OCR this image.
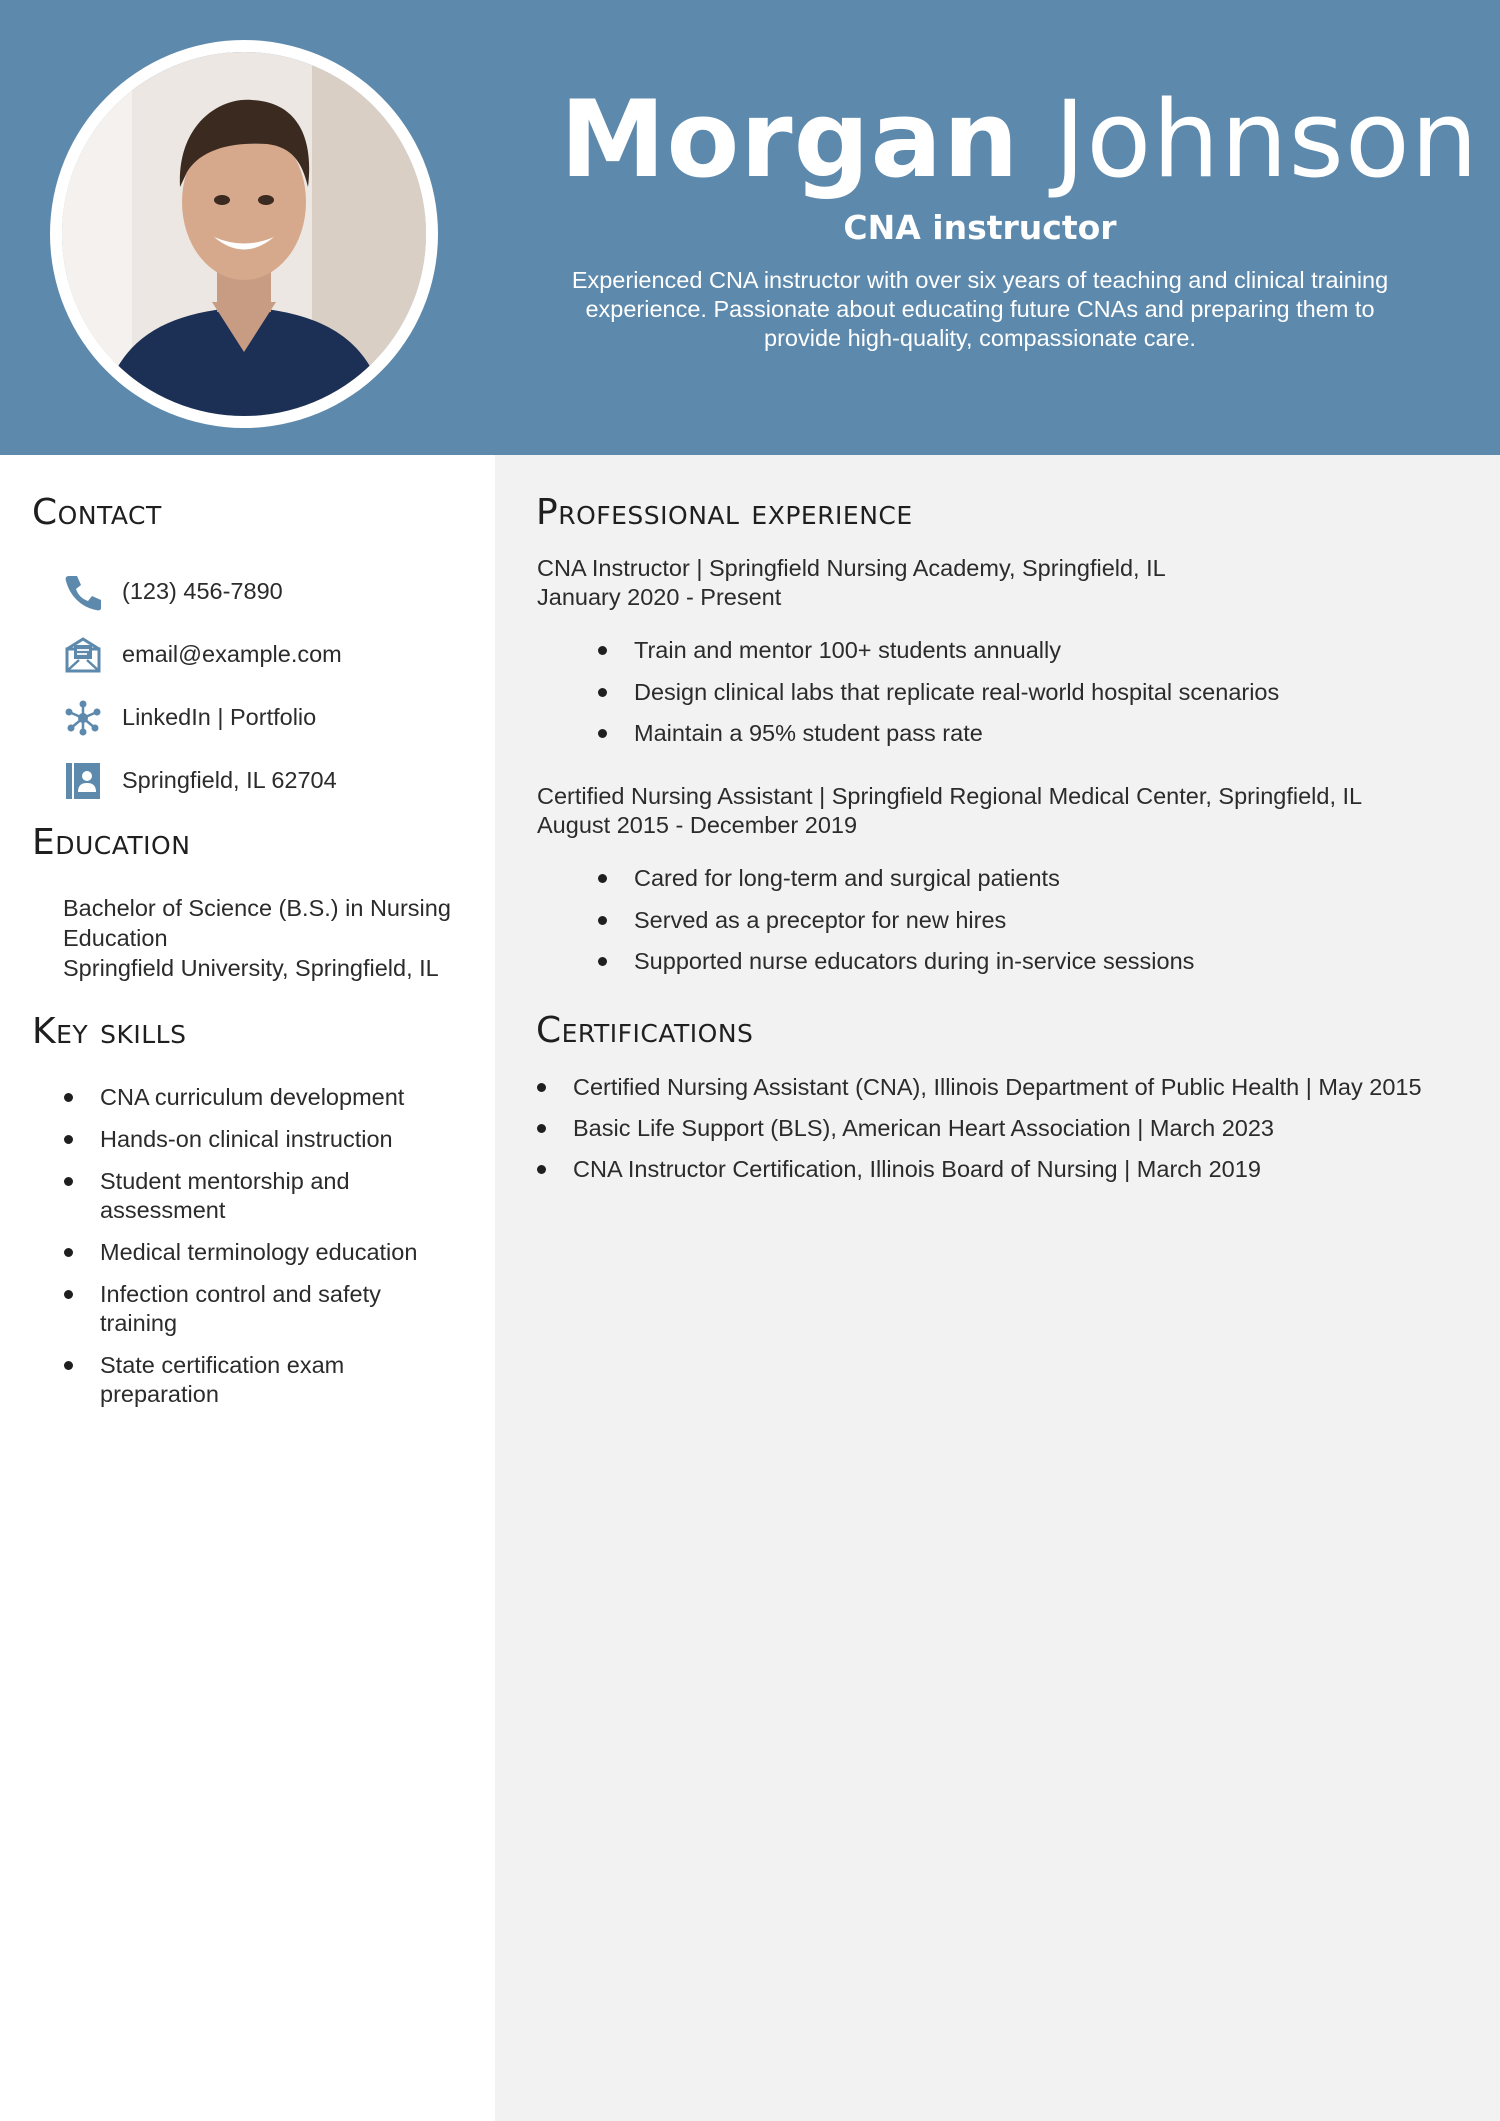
Morgan Johnson
CNA instructor
Experienced CNA instructor with over six years of teaching and clinical training experience. Passionate about educating future CNAs and preparing them to provide high-quality, compassionate care.
Contact
(123) 456-7890
email@example.com
LinkedIn | Portfolio
Springfield, IL 62704
Education
Bachelor of Science (B.S.) in Nursing Education
Springfield University, Springfield, IL
Key skills
CNA curriculum development
Hands-on clinical instruction
Student mentorship and assessment
Medical terminology education
Infection control and safety training
State certification exam preparation
Professional experience
CNA Instructor | Springfield Nursing Academy, Springfield, IL
January 2020 - Present
Train and mentor 100+ students annually
Design clinical labs that replicate real-world hospital scenarios
Maintain a 95% student pass rate
Certified Nursing Assistant | Springfield Regional Medical Center, Springfield, IL
August 2015 - December 2019
Cared for long-term and surgical patients
Served as a preceptor for new hires
Supported nurse educators during in-service sessions
Certifications
Certified Nursing Assistant (CNA), Illinois Department of Public Health | May 2015
Basic Life Support (BLS), American Heart Association | March 2023
CNA Instructor Certification, Illinois Board of Nursing | March 2019
